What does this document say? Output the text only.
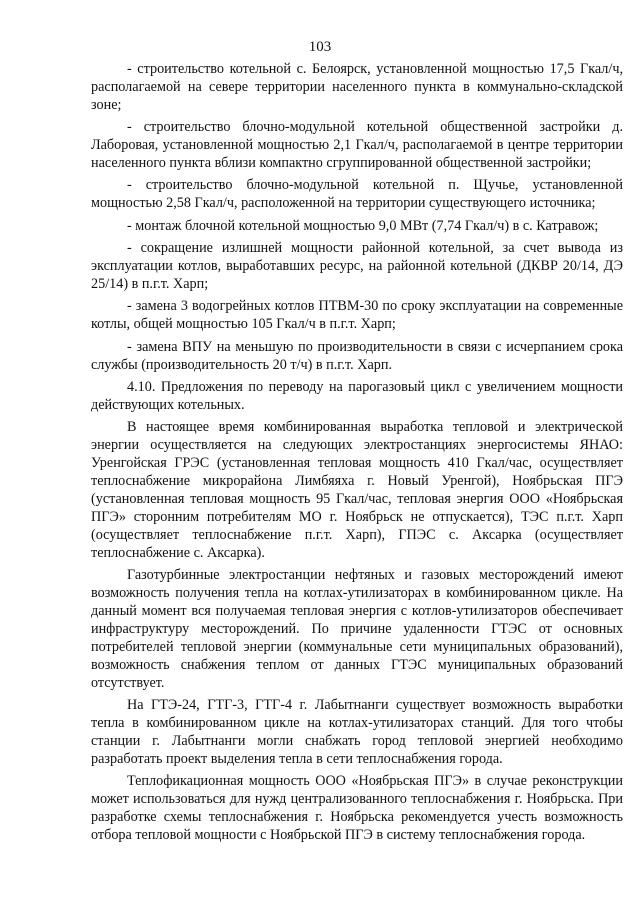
103

- строительство котельной с. Белоярск, установленной мощностью 17,5 Гкал/ч, располагаемой на севере территории населенного пункта в коммунально-складской зоне;

- строительство блочно-модульной котельной общественной застройки д. Лаборовая, установленной мощностью 2,1 Гкал/ч, располагаемой в центре территории населенного пункта вблизи компактно сгруппированной общественной застройки;

- строительство блочно-модульной котельной п. Щучье, установленной мощностью 2,58 Гкал/ч, расположенной на территории существующего источника;

- монтаж блочной котельной мощностью 9,0 МВт (7,74 Гкал/ч) в с. Катравож;

- сокращение излишней мощности районной котельной, за счет вывода из эксплуатации котлов, выработавших ресурс, на районной котельной (ДКВР 20/14, ДЭ 25/14) в п.г.т. Харп;

- замена 3 водогрейных котлов ПТВМ-30 по сроку эксплуатации на современные котлы, общей мощностью 105 Гкал/ч в п.г.т. Харп;

- замена ВПУ на меньшую по производительности в связи с исчерпанием срока службы (производительность 20 т/ч) в п.г.т. Харп.

4.10. Предложения по переводу на парогазовый цикл с увеличением мощности действующих котельных.

В настоящее время комбинированная выработка тепловой и электрической энергии осуществляется на следующих электростанциях энергосистемы ЯНАО: Уренгойская ГРЭС (установленная тепловая мощность 410 Гкал/час, осуществляет теплоснабжение микрорайона Лимбяяха г. Новый Уренгой), Ноябрьская ПГЭ (установленная тепловая мощность 95 Гкал/час, тепловая энергия ООО «Ноябрьская ПГЭ» сторонним потребителям МО г. Ноябрьск не отпускается), ТЭС п.г.т. Харп (осуществляет теплоснабжение п.г.т. Харп), ГПЭС с. Аксарка (осуществляет теплоснабжение с. Аксарка).

Газотурбинные электростанции нефтяных и газовых месторождений имеют возможность получения тепла на котлах-утилизаторах в комбинированном цикле. На данный момент вся получаемая тепловая энергия с котлов-утилизаторов обеспечивает инфраструктуру месторождений. По причине удаленности ГТЭС от основных потребителей тепловой энергии (коммунальные сети муниципальных образований), возможность снабжения теплом от данных ГТЭС муниципальных образований отсутствует.

На ГТЭ-24, ГТГ-3, ГТГ-4 г. Лабытнанги существует возможность выработки тепла в комбинированном цикле на котлах-утилизаторах станций. Для того чтобы станции г. Лабытнанги могли снабжать город тепловой энергией необходимо разработать проект выделения тепла в сети теплоснабжения города.

Теплофикационная мощность ООО «Ноябрьская ПГЭ» в случае реконструкции может использоваться для нужд централизованного теплоснабжения г. Ноябрьска. При разработке схемы теплоснабжения г. Ноябрьска рекомендуется учесть возможность отбора тепловой мощности с Ноябрьской ПГЭ в систему теплоснабжения города.
